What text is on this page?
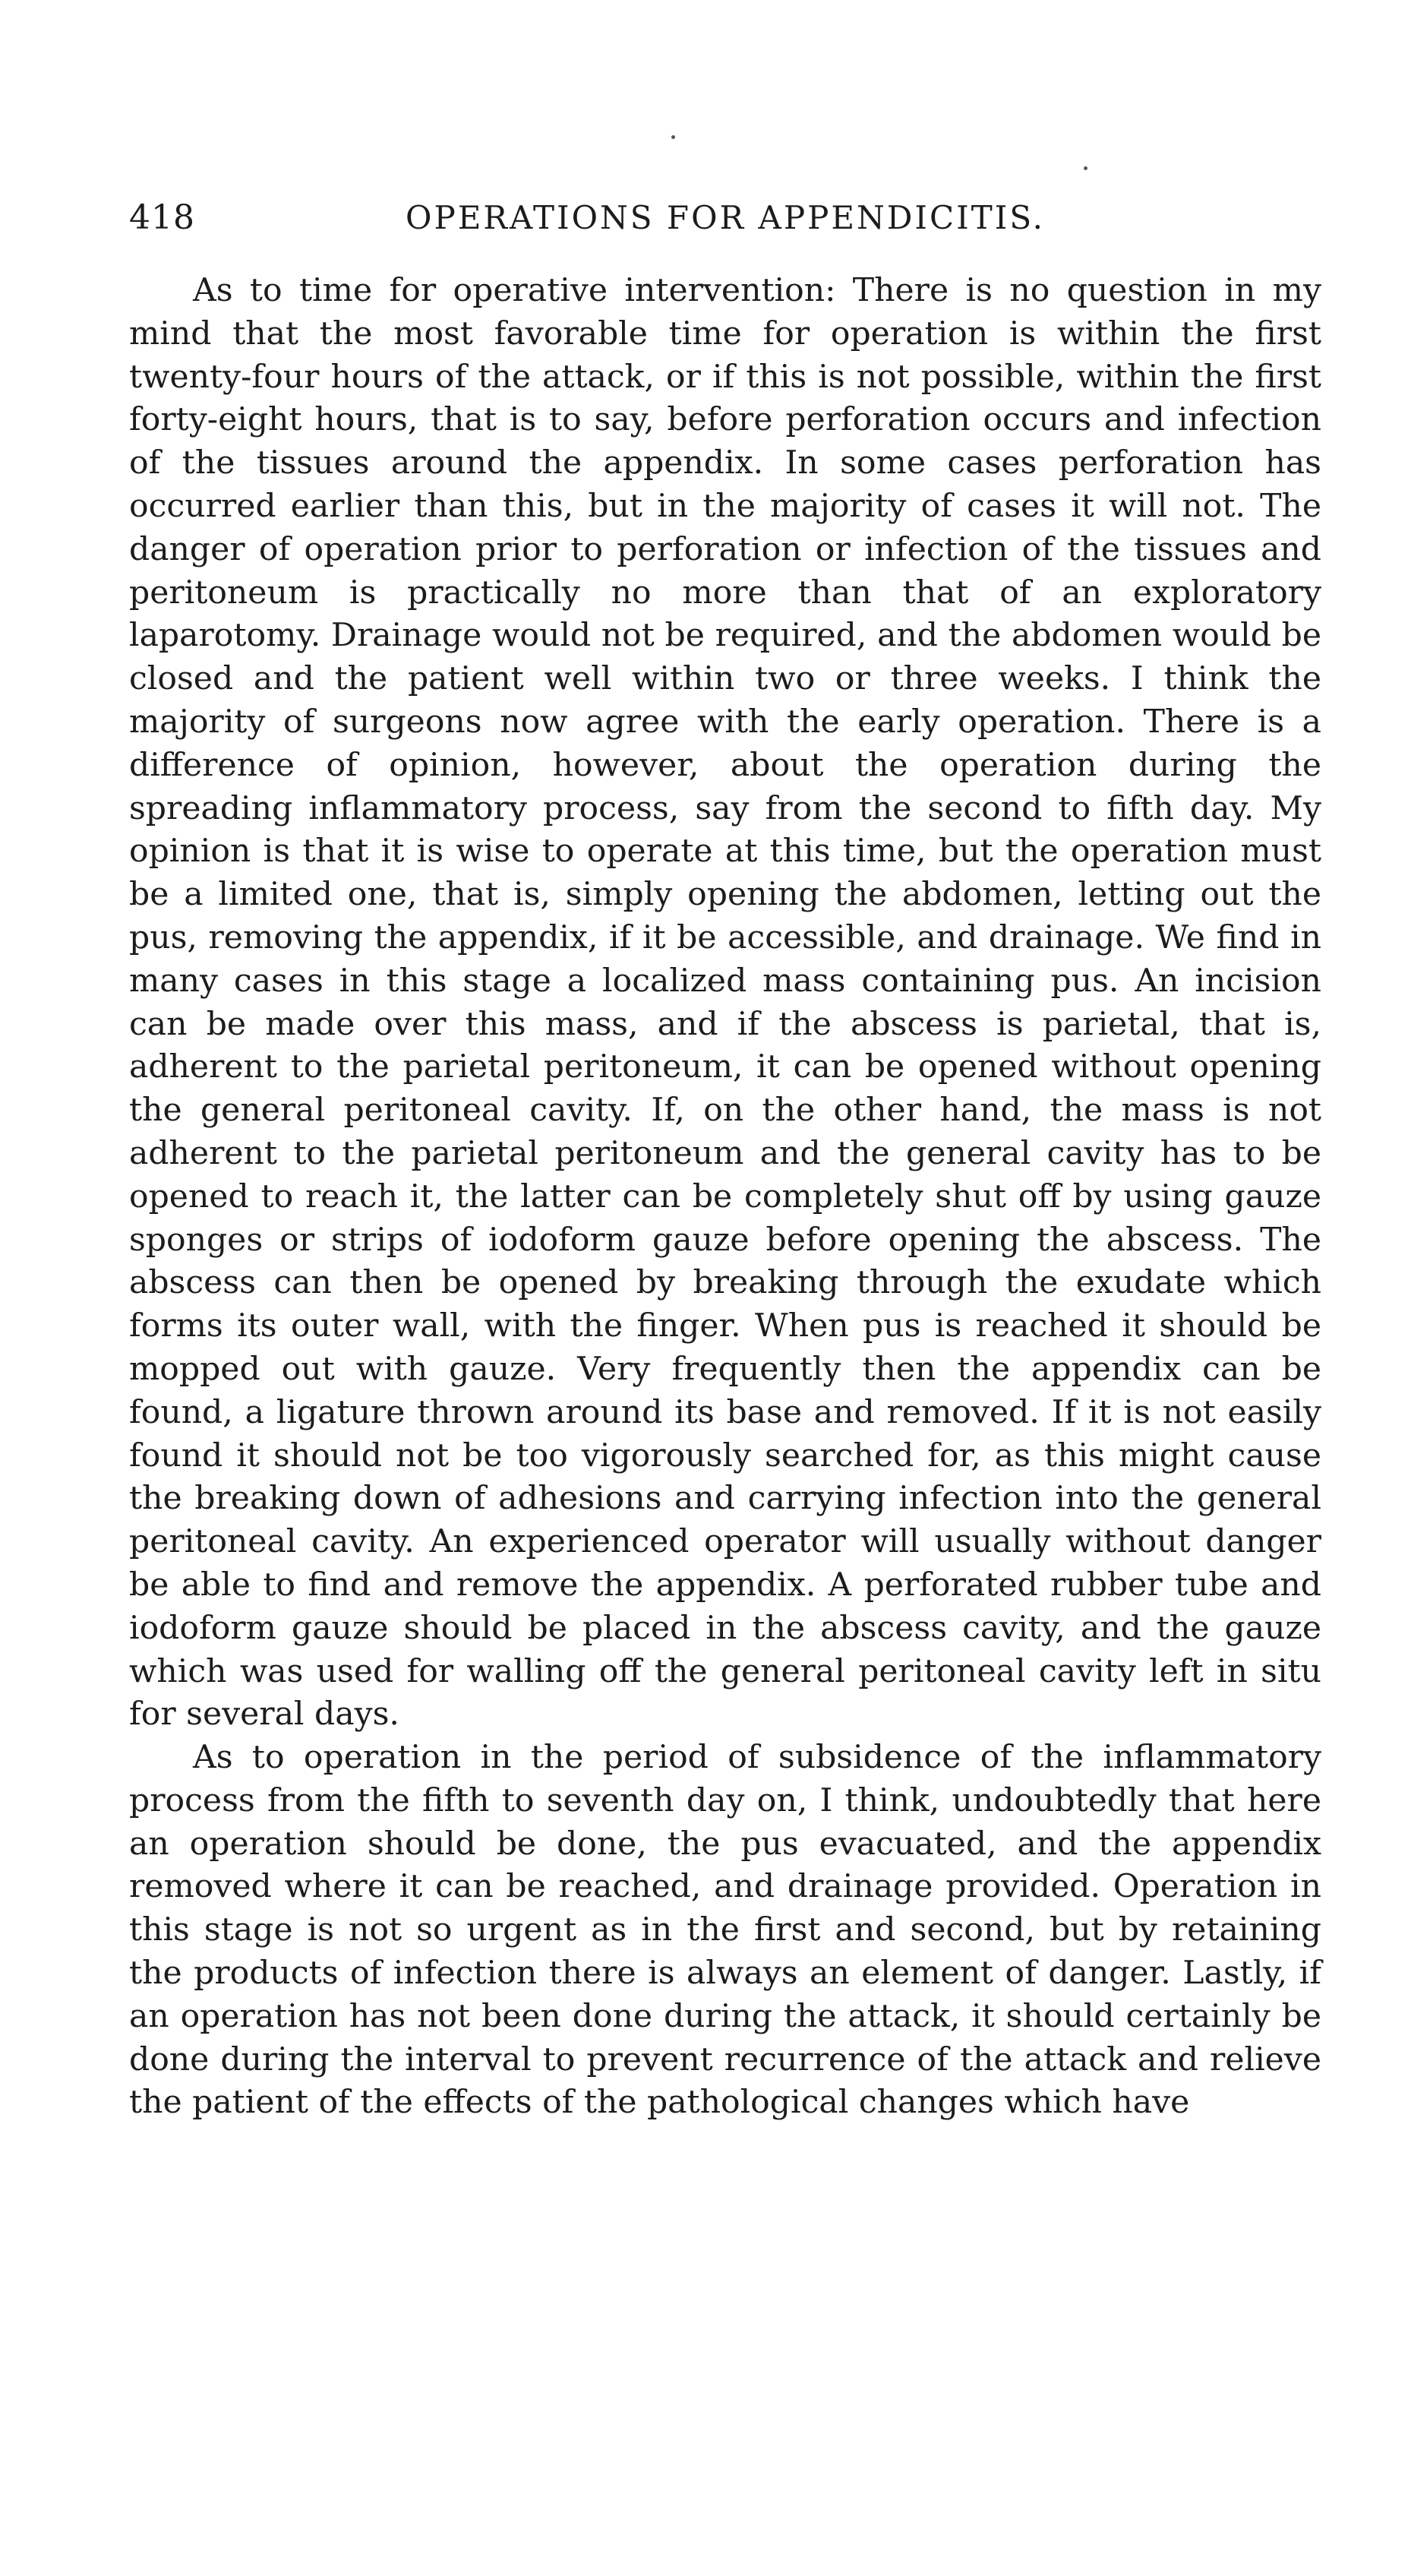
418	OPERATIONS FOR APPENDICITIS.

As to time for operative intervention: There is no question in my mind that the most favorable time for operation is within the first twenty-four hours of the attack, or if this is not possible, within the first forty-eight hours, that is to say, before perforation occurs and infection of the tissues around the appendix. In some cases perforation has occurred earlier than this, but in the majority of cases it will not. The danger of operation prior to perforation or infection of the tissues and peritoneum is practically no more than that of an exploratory laparotomy. Drainage would not be required, and the abdomen would be closed and the patient well within two or three weeks. I think the majority of surgeons now agree with the early operation. There is a difference of opinion, however, about the operation during the spreading inflammatory process, say from the second to fifth day. My opinion is that it is wise to operate at this time, but the operation must be a limited one, that is, simply opening the abdomen, letting out the pus, removing the appendix, if it be accessible, and drainage. We find in many cases in this stage a localized mass containing pus. An incision can be made over this mass, and if the abscess is parietal, that is, adherent to the parietal peritoneum, it can be opened without opening the general peritoneal cavity. If, on the other hand, the mass is not adherent to the parietal peritoneum and the general cavity has to be opened to reach it, the latter can be completely shut off by using gauze sponges or strips of iodoform gauze before opening the abscess. The abscess can then be opened by breaking through the exudate which forms its outer wall, with the finger. When pus is reached it should be mopped out with gauze. Very frequently then the appendix can be found, a ligature thrown around its base and removed. If it is not easily found it should not be too vigorously searched for, as this might cause the breaking down of adhesions and carrying infection into the general peritoneal cavity. An experienced operator will usually without danger be able to find and remove the appendix. A perforated rubber tube and iodoform gauze should be placed in the abscess cavity, and the gauze which was used for walling off the general peritoneal cavity left in situ for several days.

As to operation in the period of subsidence of the inflammatory process from the fifth to seventh day on, I think, undoubtedly that here an operation should be done, the pus evacuated, and the appendix removed where it can be reached, and drainage provided. Operation in this stage is not so urgent as in the first and second, but by retaining the products of infection there is always an element of danger. Lastly, if an operation has not been done during the attack, it should certainly be done during the interval to prevent recurrence of the attack and relieve the patient of the effects of the pathological changes which have
